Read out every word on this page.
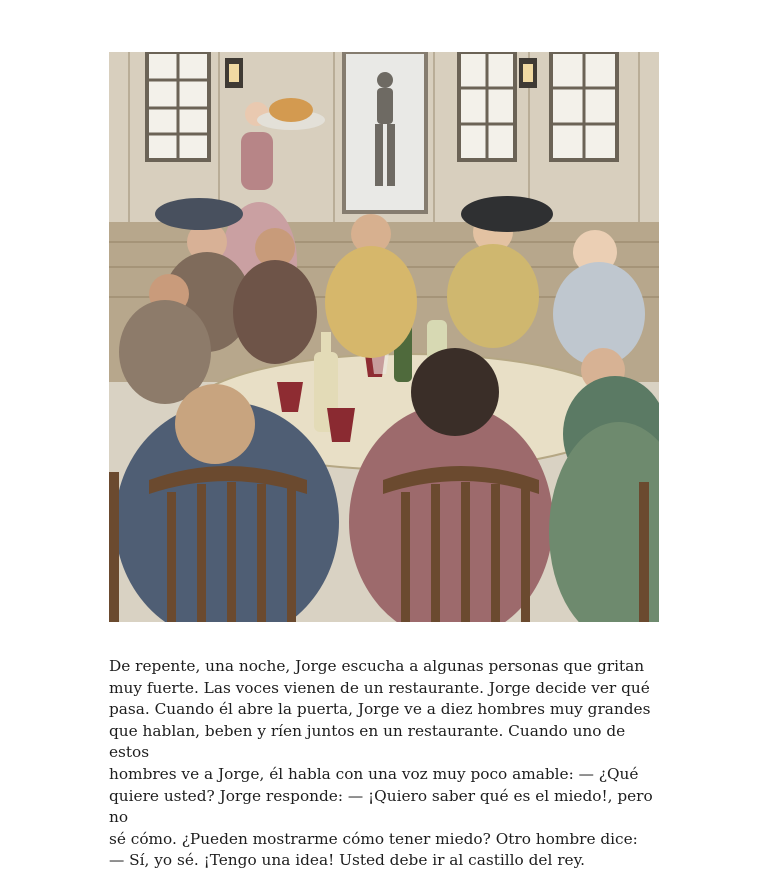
De repente, una noche, Jorge escucha a algunas personas que gritan
muy fuerte. Las voces vienen de un restaurante. Jorge decide ver qué
pasa. Cuando él abre la puerta, Jorge ve a diez hombres muy grandes
que hablan, beben y ríen juntos en un restaurante. Cuando uno de estos
hombres ve a Jorge, él habla con una voz muy poco amable: — ¿Qué
quiere usted? Jorge responde: — ¡Quiero saber qué es el miedo!, pero no
sé cómo. ¿Pueden mostrarme cómo tener miedo? Otro hombre dice:
— Sí, yo sé. ¡Tengo una idea! Usted debe ir al castillo del rey.
